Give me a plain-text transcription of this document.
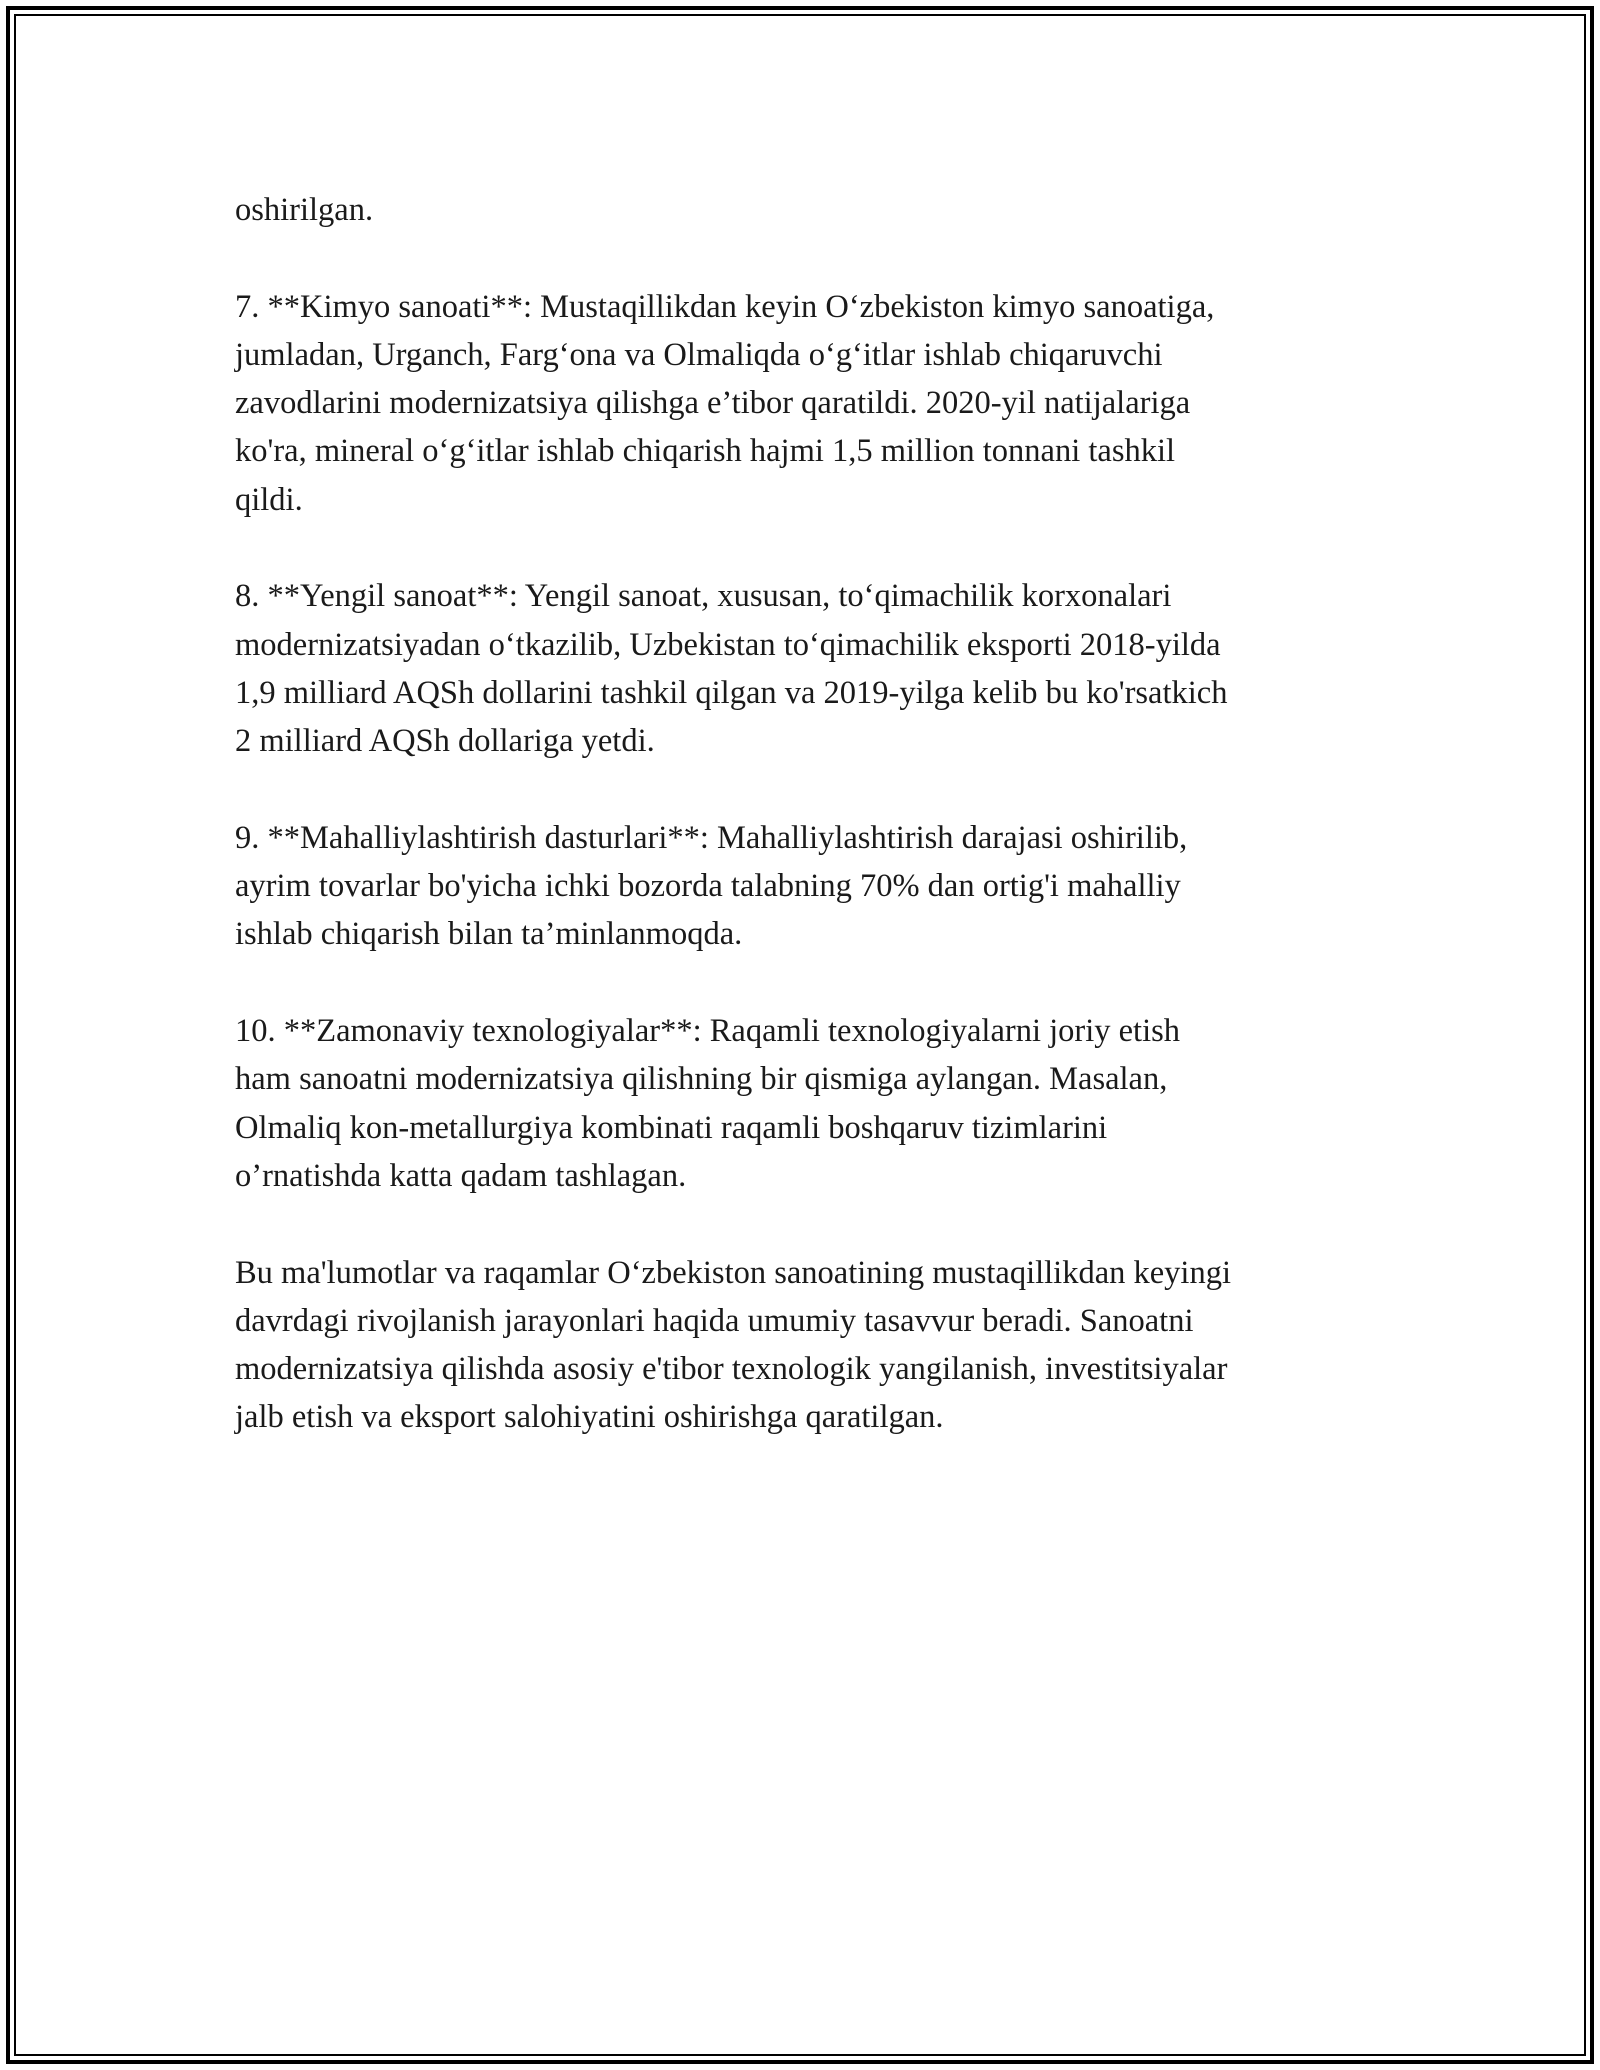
oshirilgan.

7. **Kimyo sanoati**: Mustaqillikdan keyin O‘zbekiston kimyo sanoatiga,
jumladan, Urganch, Farg‘ona va Olmaliqda o‘g‘itlar ishlab chiqaruvchi
zavodlarini modernizatsiya qilishga e’tibor qaratildi. 2020-yil natijalariga
ko'ra, mineral o‘g‘itlar ishlab chiqarish hajmi 1,5 million tonnani tashkil
qildi.

8. **Yengil sanoat**: Yengil sanoat, xususan, to‘qimachilik korxonalari
modernizatsiyadan o‘tkazilib, Uzbekistan to‘qimachilik eksporti 2018-yilda
1,9 milliard AQSh dollarini tashkil qilgan va 2019-yilga kelib bu ko'rsatkich
2 milliard AQSh dollariga yetdi.

9. **Mahalliylashtirish dasturlari**: Mahalliylashtirish darajasi oshirilib,
ayrim tovarlar bo'yicha ichki bozorda talabning 70% dan ortig'i mahalliy
ishlab chiqarish bilan ta’minlanmoqda.

10. **Zamonaviy texnologiyalar**: Raqamli texnologiyalarni joriy etish
ham sanoatni modernizatsiya qilishning bir qismiga aylangan. Masalan,
Olmaliq kon-metallurgiya kombinati raqamli boshqaruv tizimlarini
o’rnatishda katta qadam tashlagan.

Bu ma'lumotlar va raqamlar O‘zbekiston sanoatining mustaqillikdan keyingi
davrdagi rivojlanish jarayonlari haqida umumiy tasavvur beradi. Sanoatni
modernizatsiya qilishda asosiy e'tibor texnologik yangilanish, investitsiyalar
jalb etish va eksport salohiyatini oshirishga qaratilgan.
